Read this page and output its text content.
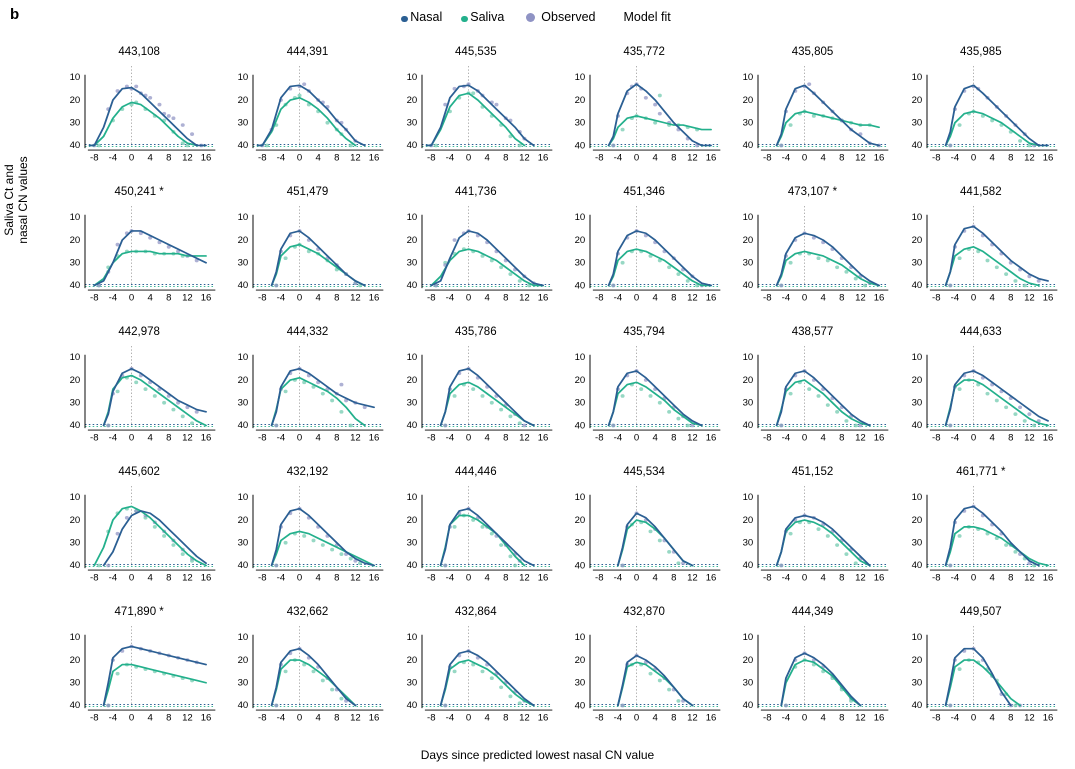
b	Nasal Saliva	Observed Model fit
Saliva Ct and nasal CN values
443,108
10
20
30
40
-8 -4 0 4 8 12 16
444,391
10
20
30
40
-8 -4 0 4 8 12 16
445,535
10
20
30
40
-8 -4 0 4 8 12 16
435,772
10
20
30
40
-8 -4 0 4 8 12 16
435,805
10
20
30
40
-8 -4 0 4 8 12 16
435,985
10
20
30
40
-8 -4 0 4 8 12 16
450,241 *
10
20
30
40
-8 -4 0 4 8 12 16
451,479
10
20
30
40
-8 -4 0 4 8 12 16
441,736
10
20
30
40
-8 -4 0 4 8 12 16
451,346
10
20
30
40
-8 -4 0 4 8 12 16
473,107 *
10
20
30
40
-8 -4 0 4 8 12 16
441,582
10
20
30
40
-8 -4 0 4 8 12 16
442,978
10
20
30
40
-8 -4 0 4 8 12 16
444,332
10
20
30
40
-8 -4 0 4 8 12 16
435,786
10
20
30
40
-8 -4 0 4 8 12 16
435,794
10
20
30
40
-8 -4 0 4 8 12 16
438,577
10
20
30
40
-8 -4 0 4 8 12 16
444,633
10
20
30
40
-8 -4 0 4 8 12 16
445,602
10
20
30
40
-8 -4 0 4 8 12 16
432,192
10
20
30
40
-8 -4 0 4 8 12 16
444,446
10
20
30
40
-8 -4 0 4 8 12 16
445,534
10
20
30
40
-8 -4 0 4 8 12 16
451,152
10
20
30
40
-8 -4 0 4 8 12 16
461,771 *
10
20
30
40
-8 -4 0 4 8 12 16
471,890 *
10
20
30
40
-8 -4 0 4 8 12 16
432,662
10
20
30
40
-8 -4 0 4 8 12 16
432,864
10
20
30
40
-8 -4 0 4 8 12 16
432,870
10
20
30
40
-8 -4 0 4 8 12 16
444,349
10
20
30
40
-8 -4 0 4 8 12 16
449,507
10
20
30
40
-8 -4 0 4 8 12 16
Days since predicted lowest nasal CN value
